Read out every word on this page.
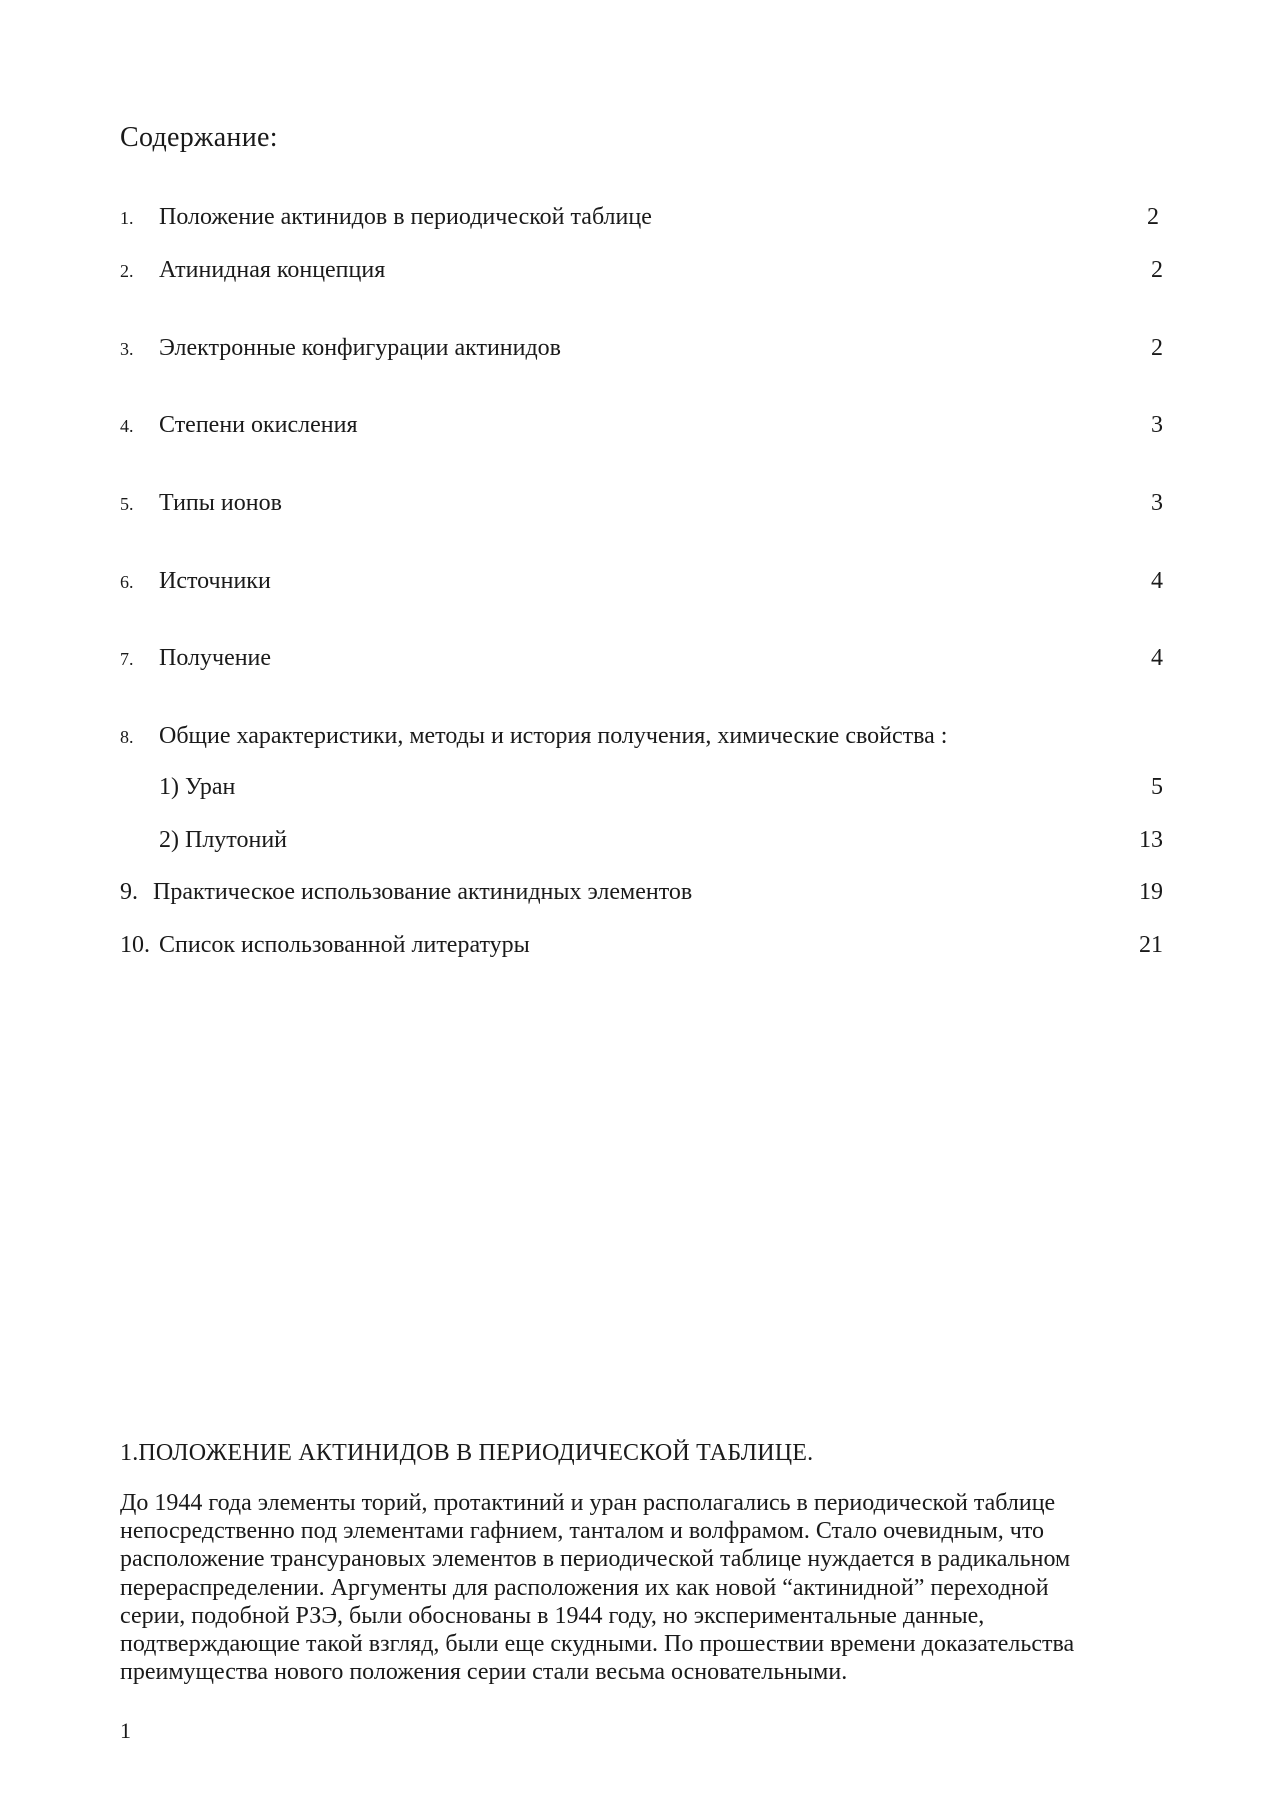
Содержание:
1. Положение актинидов в периодической таблице	2
2. Атинидная концепция	2
3. Электронные конфигурации актинидов	2
4. Степени окисления	3
5. Типы ионов	3
6. Источники	4
7. Получение	4
8. Общие характеристики, методы и история получения, химические свойства :
1) Уран	5
2) Плутоний	13
9. Практическое использование актинидных элементов	19
10. Список использованной литературы	21
1.ПОЛОЖЕНИЕ АКТИНИДОВ В ПЕРИОДИЧЕСКОЙ ТАБЛИЦЕ.
До 1944 года элементы торий, протактиний и уран располагались в периодической таблице
непосредственно под элементами гафнием, танталом и волфрамом. Стало очевидным, что
расположение трансурановых элементов в периодической таблице нуждается в радикальном
перераспределении. Аргументы для расположения их как новой “актинидной” переходной
серии, подобной РЗЭ, были обоснованы в 1944 году, но экспериментальные данные,
подтверждающие такой взгляд, были еще скудными. По прошествии времени доказательства
преимущества нового положения серии стали весьма основательными.
1
